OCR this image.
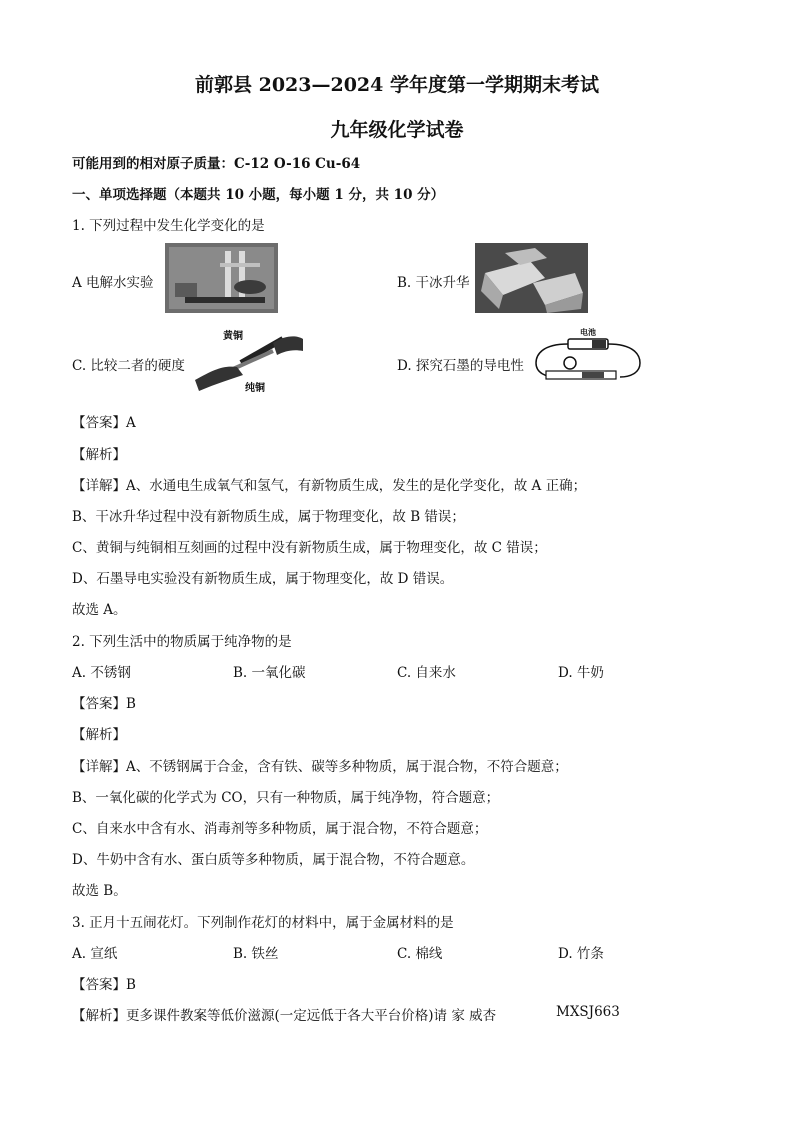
前郭县 2023—2024 学年度第一学期期末考试
九年级化学试卷
可能用到的相对原子质量：C-12 O-16 Cu-64
一、单项选择题（本题共 10 小题，每小题 1 分，共 10 分）
1. 下列过程中发生化学变化的是
A 电解水实验	B. 干冰升华
C. 比较二者的硬度
黄铜
纯铜
D. 探究石墨的导电性
电池
【答案】A
【解析】
【详解】A、水通电生成氧气和氢气，有新物质生成，发生的是化学变化，故 A 正确；
B、干冰升华过程中没有新物质生成，属于物理变化，故 B 错误；
C、黄铜与纯铜相互刻画的过程中没有新物质生成，属于物理变化，故 C 错误；
D、石墨导电实验没有新物质生成，属于物理变化，故 D 错误。
故选 A。
2. 下列生活中的物质属于纯净物的是
A. 不锈钢	B. 一氧化碳	C. 自来水	D. 牛奶
【答案】B
【解析】
【详解】A、不锈钢属于合金，含有铁、碳等多种物质，属于混合物，不符合题意；
B、一氧化碳的化学式为 CO，只有一种物质，属于纯净物，符合题意；
C、自来水中含有水、消毒剂等多种物质，属于混合物，不符合题意；
D、牛奶中含有水、蛋白质等多种物质，属于混合物，不符合题意。
故选 B。
3. 正月十五闹花灯。下列制作花灯的材料中，属于金属材料的是
A. 宣纸	B. 铁丝	C. 棉线	D. 竹条
【答案】B
【解析】更多课件教案等低价滋源(一定远低于各大平台价格)请 家 威杏	MXSJ663
